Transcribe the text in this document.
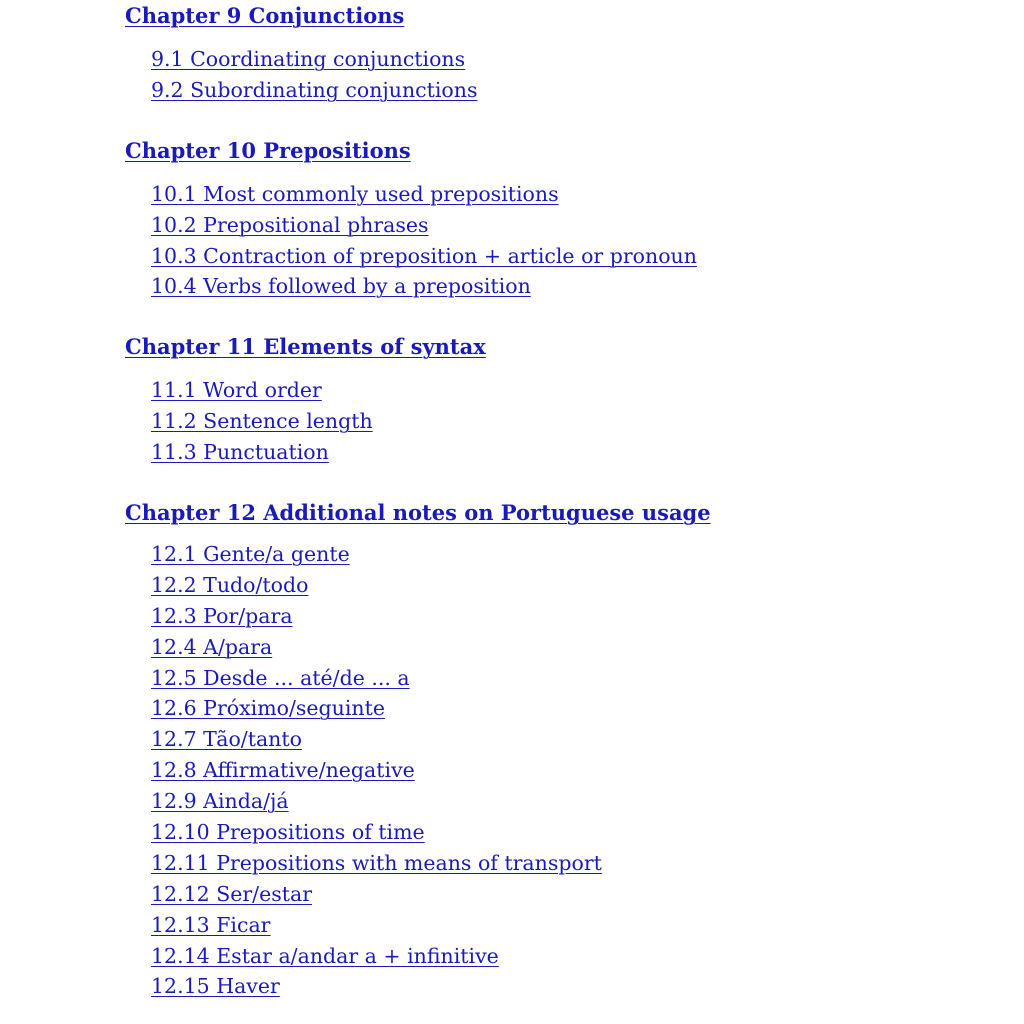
Chapter 9 Conjunctions
9.1 Coordinating conjunctions
9.2 Subordinating conjunctions
Chapter 10 Prepositions
10.1 Most commonly used prepositions
10.2 Prepositional phrases
10.3 Contraction of preposition + article or pronoun
10.4 Verbs followed by a preposition
Chapter 11 Elements of syntax
11.1 Word order
11.2 Sentence length
11.3 Punctuation
Chapter 12 Additional notes on Portuguese usage
12.1 Gente/a gente
12.2 Tudo/todo
12.3 Por/para
12.4 A/para
12.5 Desde ... até/de ... a
12.6 Próximo/seguinte
12.7 Tão/tanto
12.8 Affirmative/negative
12.9 Ainda/já
12.10 Prepositions of time
12.11 Prepositions with means of transport
12.12 Ser/estar
12.13 Ficar
12.14 Estar a/andar a + infinitive
12.15 Haver
